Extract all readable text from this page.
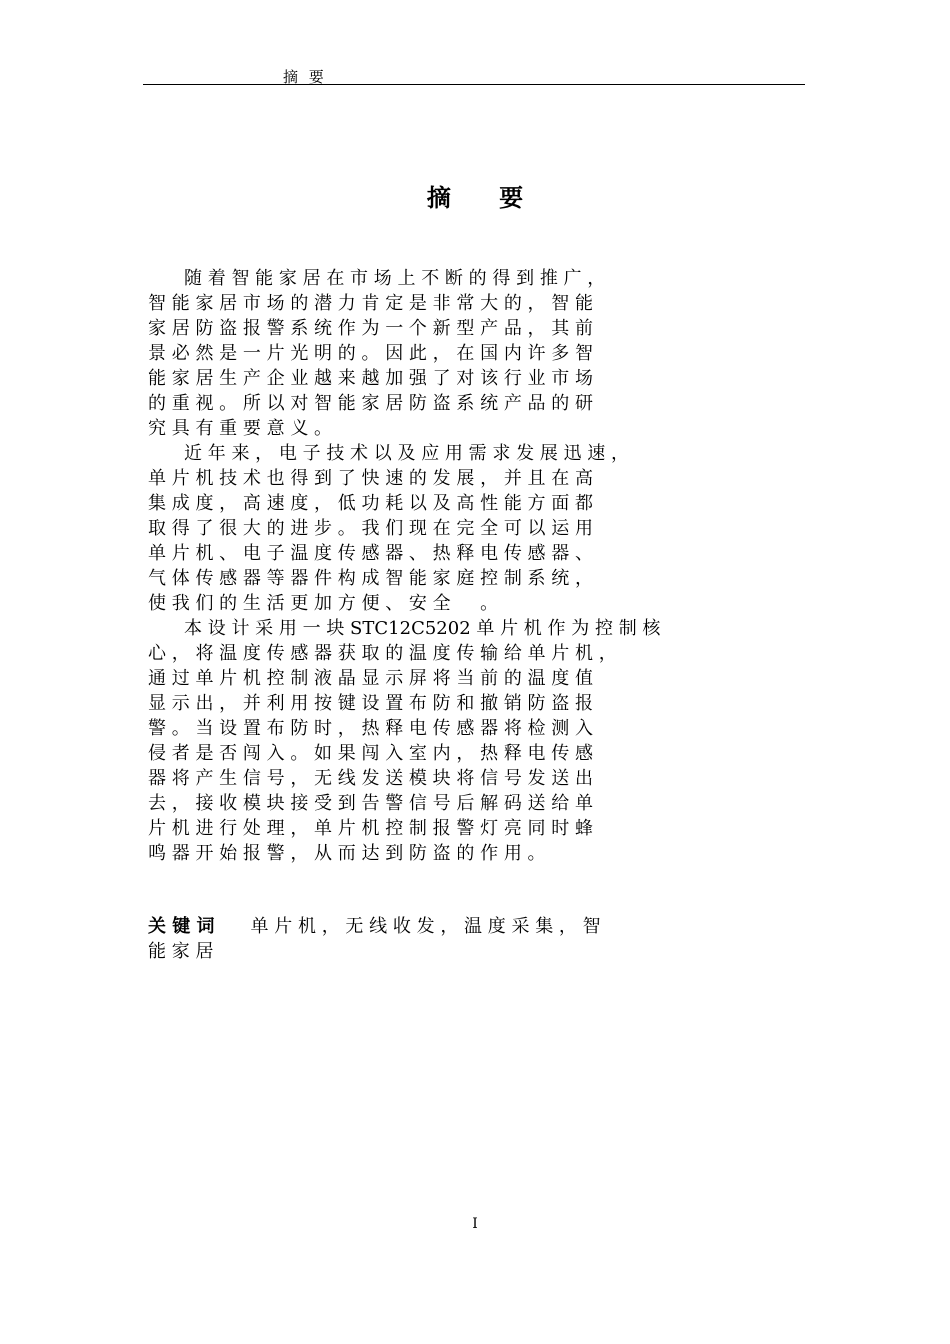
摘 要
摘 要
　　随 着 智 能 家 居 在 市 场 上 不 断 的 得 到 推 广 ，
智 能 家 居 市 场 的 潜 力 肯 定 是 非 常 大 的 ， 智 能
家 居 防 盗 报 警 系 统 作 为 一 个 新 型 产 品 ， 其 前
景 必 然 是 一 片 光 明 的 。 因 此 ， 在 国 内 许 多 智
能 家 居 生 产 企 业 越 来 越 加 强 了 对 该 行 业 市 场
的 重 视 。 所 以 对 智 能 家 居 防 盗 系 统 产 品 的 研
究 具 有 重 要 意 义 。
　　近 年 来 ， 电 子 技 术 以 及 应 用 需 求 发 展 迅 速 ，
单 片 机 技 术 也 得 到 了 快 速 的 发 展 ， 并 且 在 高
集 成 度 ， 高 速 度 ， 低 功 耗 以 及 高 性 能 方 面 都
取 得 了 很 大 的 进 步 。 我 们 现 在 完 全 可 以 运 用
单 片 机 、 电 子 温 度 传 感 器 、 热 释 电 传 感 器 、
气 体 传 感 器 等 器 件 构 成 智 能 家 庭 控 制 系 统 ，
使 我 们 的 生 活 更 加 方 便 、 安 全 　 。
　　本 设 计 采 用 一 块 STC12C5202 单 片 机 作 为 控 制 核
心 ， 将 温 度 传 感 器 获 取 的 温 度 传 输 给 单 片 机 ，
通 过 单 片 机 控 制 液 晶 显 示 屏 将 当 前 的 温 度 值
显 示 出 ， 并 利 用 按 键 设 置 布 防 和 撤 销 防 盗 报
警 。 当 设 置 布 防 时 ， 热 释 电 传 感 器 将 检 测 入
侵 者 是 否 闯 入 。 如 果 闯 入 室 内 ， 热 释 电 传 感
器 将 产 生 信 号 ， 无 线 发 送 模 块 将 信 号 发 送 出
去 ， 接 收 模 块 接 受 到 告 警 信 号 后 解 码 送 给 单
片 机 进 行 处 理 ， 单 片 机 控 制 报 警 灯 亮 同 时 蜂
鸣 器 开 始 报 警 ， 从 而 达 到 防 盗 的 作 用 。
关 键 词　　单 片 机 ， 无 线 收 发 ， 温 度 采 集 ， 智
能 家 居
I
